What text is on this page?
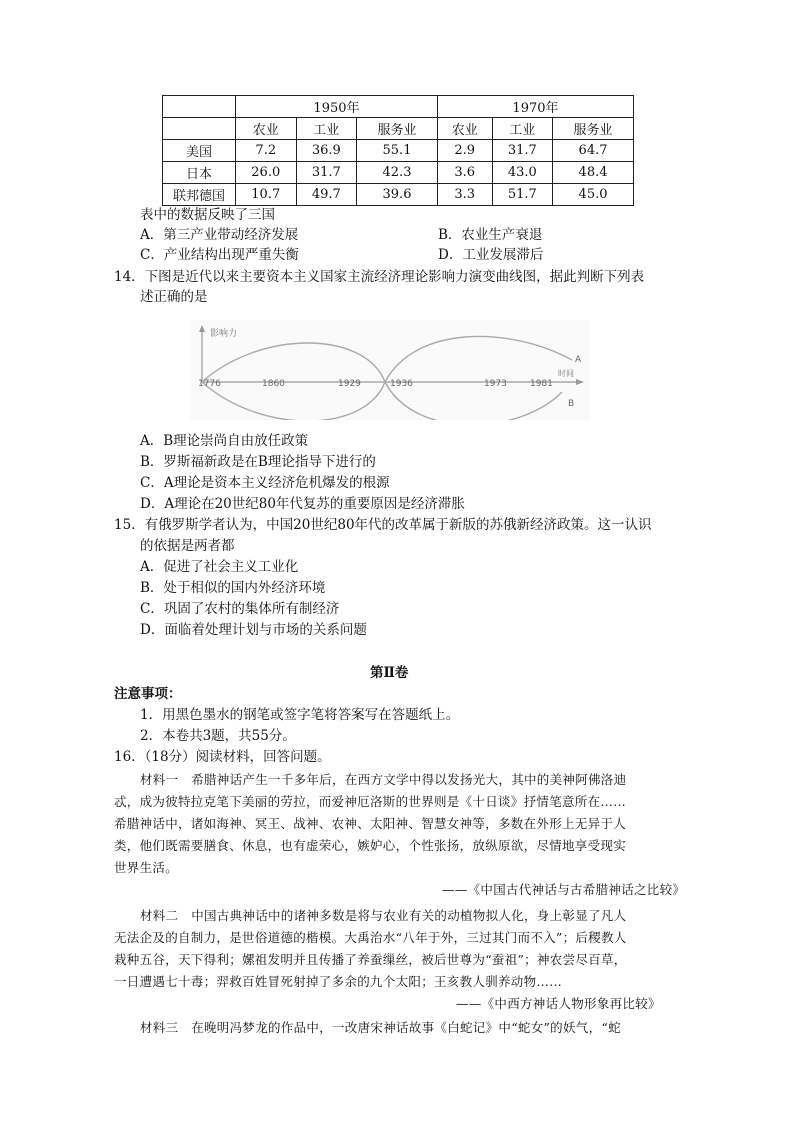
	1950年			1970年		
	农业	工业	服务业	农业	工业	服务业
美国	7.2	36.9	55.1	2.9	31.7	64.7
日本	26.0	31.7	42.3	3.6	43.0	48.4
联邦德国	10.7	49.7	39.6	3.3	51.7	45.0
表中的数据反映了三国
A．第三产业带动经济发展	B．农业生产衰退
C．产业结构出现严重失衡	D．工业发展滞后
14．下图是近代以来主要资本主义国家主流经济理论影响力演变曲线图，据此判断下列表
述正确的是
影响力
时间
A
B
1776	1860	1929	1936	1973	1981
A．B理论崇尚自由放任政策
B．罗斯福新政是在B理论指导下进行的
C．A理论是资本主义经济危机爆发的根源
D．A理论在20世纪80年代复苏的重要原因是经济滞胀
15．有俄罗斯学者认为，中国20世纪80年代的改革属于新版的苏俄新经济政策。这一认识
的依据是两者都
A．促进了社会主义工业化
B．处于相似的国内外经济环境
C．巩固了农村的集体所有制经济
D．面临着处理计划与市场的关系问题
第Ⅱ卷
注意事项：
1．用黑色墨水的钢笔或签字笔将答案写在答题纸上。
2．本卷共3题，共55分。
16．（18分）阅读材料，回答问题。
材料一　希腊神话产生一千多年后，在西方文学中得以发扬光大，其中的美神阿佛洛迪
忒，成为彼特拉克笔下美丽的劳拉，而爱神厄洛斯的世界则是《十日谈》抒情笔意所在……
希腊神话中，诸如海神、冥王、战神、农神、太阳神、智慧女神等，多数在外形上无异于人
类，他们既需要膳食、休息，也有虚荣心，嫉妒心，个性张扬，放纵原欲，尽情地享受现实
世界生活。
——《中国古代神话与古希腊神话之比较》
材料二　中国古典神话中的诸神多数是将与农业有关的动植物拟人化，身上彰显了凡人
无法企及的自制力，是世俗道德的楷模。大禹治水“八年于外，三过其门而不入”；后稷教人
栽种五谷，天下得利；嫘祖发明并且传播了养蚕缫丝，被后世尊为“蚕祖”；神农尝尽百草，
一日遭遇七十毒；羿救百姓冒死射掉了多余的九个太阳；王亥教人驯养动物……
——《中西方神话人物形象再比较》
材料三　在晚明冯梦龙的作品中，一改唐宋神话故事《白蛇记》中“蛇女”的妖气，“蛇
